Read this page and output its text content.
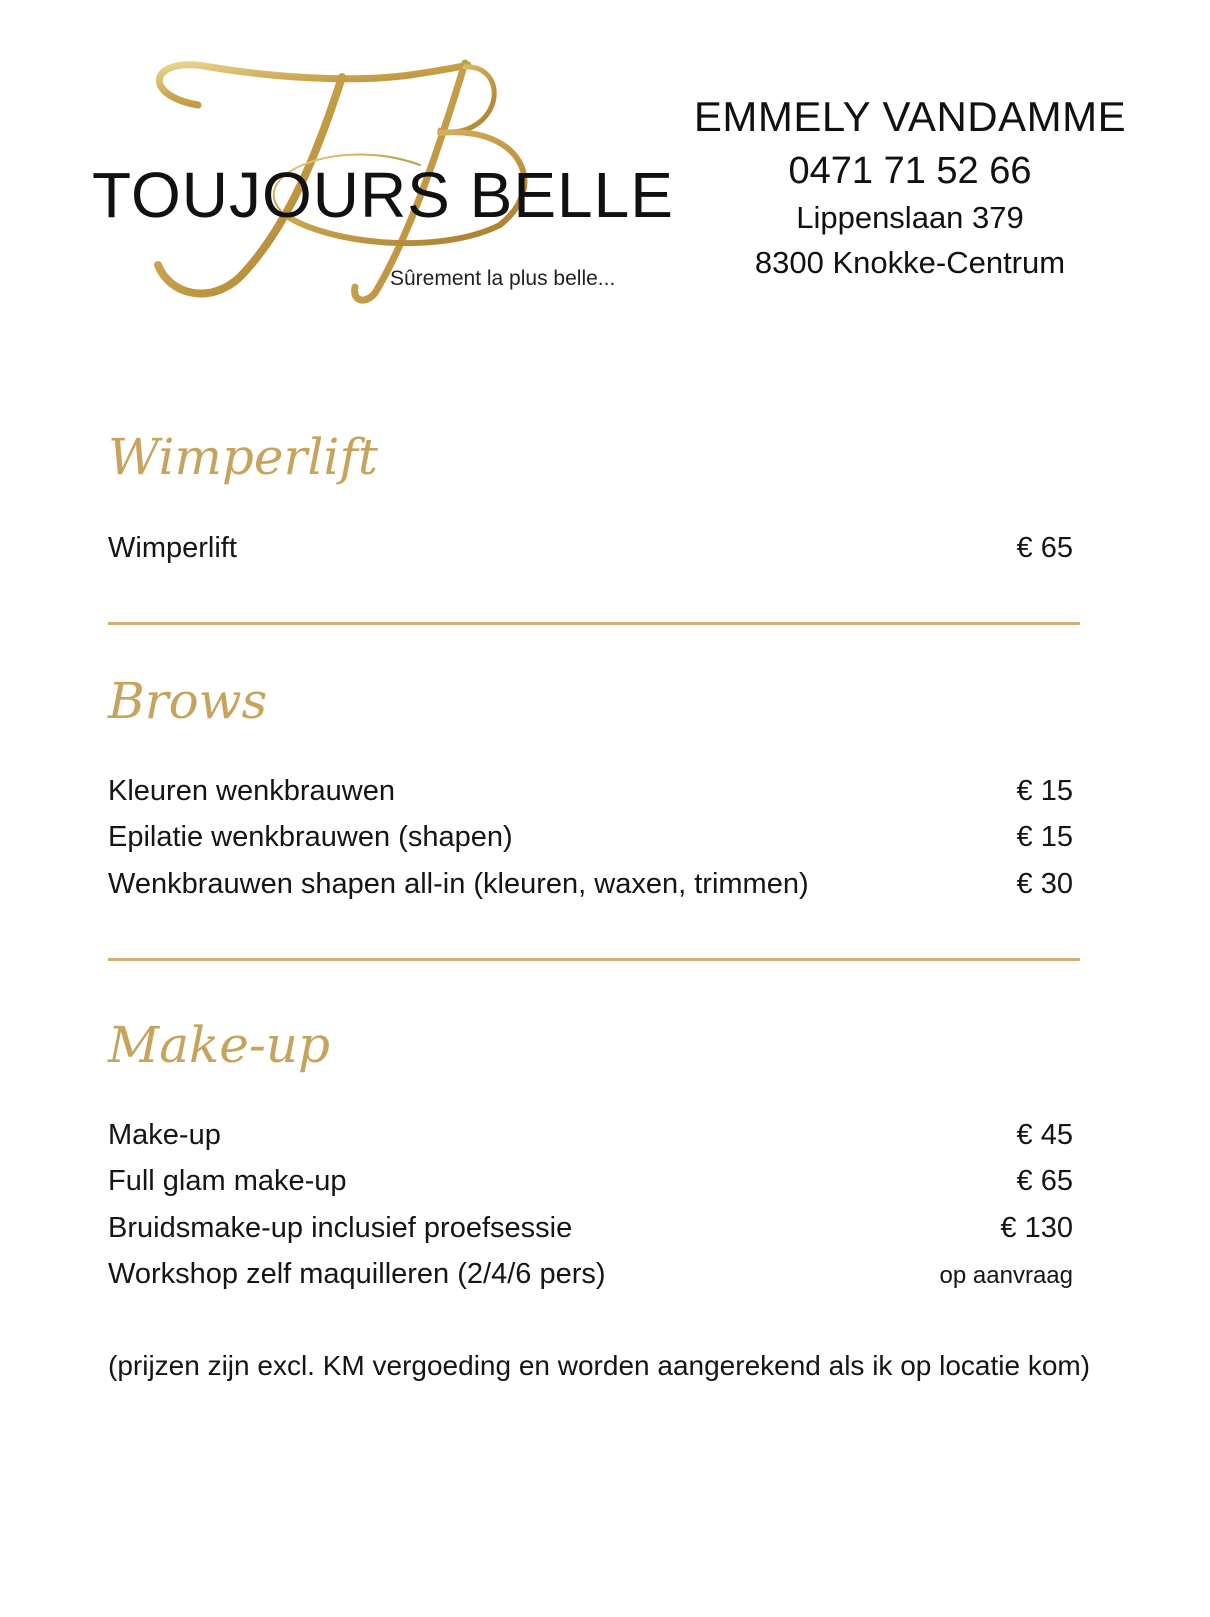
TOUJOURS BELLE
Sûrement la plus belle...
EMMELY VANDAMME
0471 71 52 66
Lippenslaan 379
8300 Knokke-Centrum
Wimperlift
Wimperlift	€ 65
Brows
Kleuren wenkbrauwen	€ 15
Epilatie wenkbrauwen (shapen)	€ 15
Wenkbrauwen shapen all-in (kleuren, waxen, trimmen)	€ 30
Make-up
Make-up	€ 45
Full glam make-up	€ 65
Bruidsmake-up inclusief proefsessie	€ 130
Workshop zelf maquilleren (2/4/6 pers)	op aanvraag
(prijzen zijn excl. KM vergoeding en worden aangerekend als ik op locatie kom)
